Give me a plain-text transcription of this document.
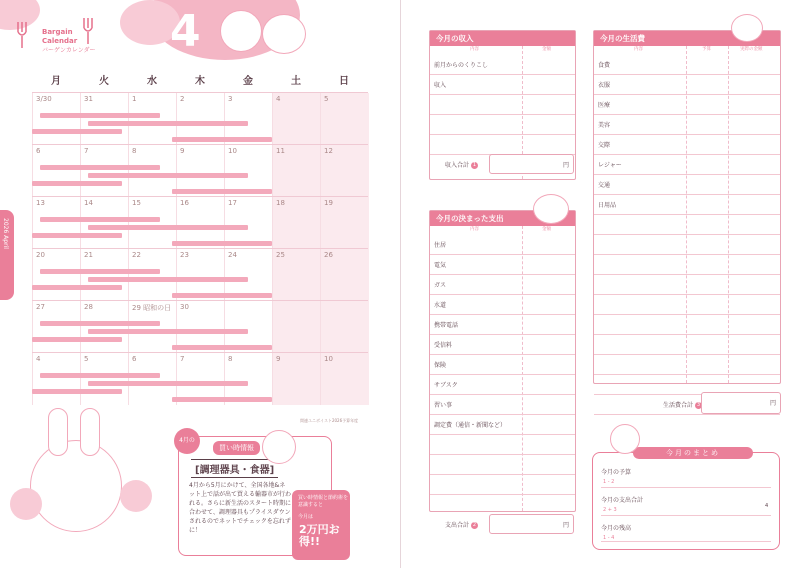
4
Bargain
Calendar
バーゲンカレンダー
月	火	水	木	金	土	日
3/30	31	1	2	3	4	5
6	7	8	9	10	11	12
13	14	15	16	17	18	19
20	21	22	23	24	25	26
27	28	29 昭和の日 30
4	5	6	7	8	9	10
2026 April
関連ユニボイスト2026予算年度
買い時情報
[調理器具・食器]
4月から5月にかけて、全国各地&ネット上で話が出て買える輸器市が行われる。さらに新生活のスタート時期に合わせて、調理器具もプライスダウンされるのでネットでチェックを忘れずに！
4月の
買い時情報と節約術を意識すると
今月は
2万円お得!!
今月の収入
内容	金額
前月からのくりこし
収入
収入合計 1	円
今月の決まった支出
内容	金額
住居
電気
ガス
水道
携帯電話
受信料
保険
サブスク
習い事
調定費（通信・新聞など）
支出合計 2	円
今月の生活費
内容	予算	実際の金額
食費
衣服
医療
美容
交際
レジャー
交通
日用品
生活費合計 3	円
今月のまとめ
今月の予算
1 - 2
今月の支出合計
2 + 3
4
今月の残高
1 - 4
